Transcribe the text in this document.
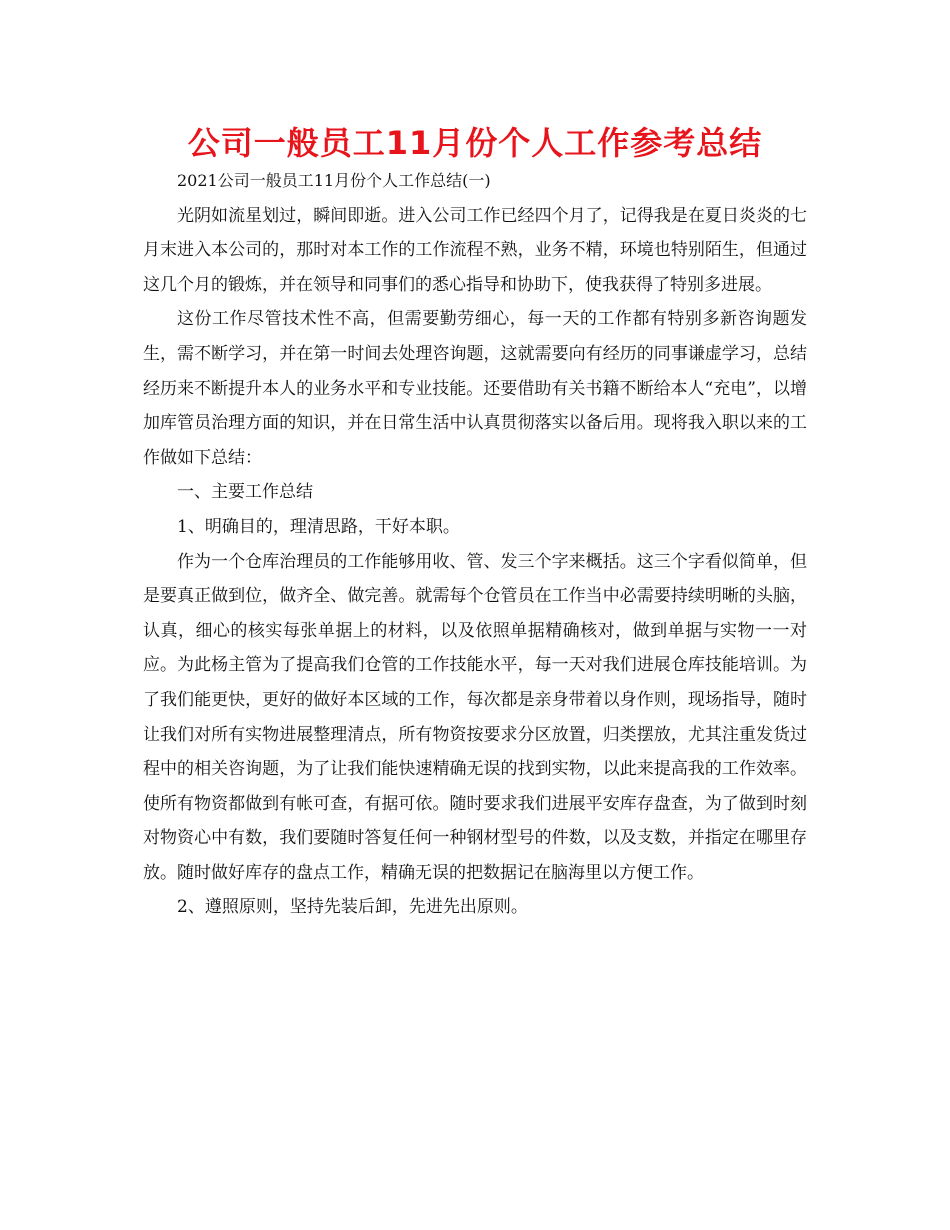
公司一般员工11月份个人工作参考总结

2021公司一般员工11月份个人工作总结(一)

光阴如流星划过，瞬间即逝。进入公司工作已经四个月了，记得我是在夏日炎炎的七月末进入本公司的，那时对本工作的工作流程不熟，业务不精，环境也特别陌生，但通过这几个月的锻炼，并在领导和同事们的悉心指导和协助下，使我获得了特别多进展。

这份工作尽管技术性不高，但需要勤劳细心，每一天的工作都有特别多新咨询题发生，需不断学习，并在第一时间去处理咨询题，这就需要向有经历的同事谦虚学习，总结经历来不断提升本人的业务水平和专业技能。还要借助有关书籍不断给本人“充电”，以增加库管员治理方面的知识，并在日常生活中认真贯彻落实以备后用。现将我入职以来的工作做如下总结：

一、主要工作总结

1、明确目的，理清思路，干好本职。

作为一个仓库治理员的工作能够用收、管、发三个字来概括。这三个字看似简单，但是要真正做到位，做齐全、做完善。就需每个仓管员在工作当中必需要持续明晰的头脑，认真，细心的核实每张单据上的材料，以及依照单据精确核对，做到单据与实物一一对应。为此杨主管为了提高我们仓管的工作技能水平，每一天对我们进展仓库技能培训。为了我们能更快，更好的做好本区域的工作，每次都是亲身带着以身作则，现场指导，随时让我们对所有实物进展整理清点，所有物资按要求分区放置，归类摆放，尤其注重发货过程中的相关咨询题，为了让我们能快速精确无误的找到实物，以此来提高我的工作效率。使所有物资都做到有帐可查，有据可依。随时要求我们进展平安库存盘查，为了做到时刻对物资心中有数，我们要随时答复任何一种钢材型号的件数，以及支数，并指定在哪里存放。随时做好库存的盘点工作，精确无误的把数据记在脑海里以方便工作。

2、遵照原则，坚持先装后卸，先进先出原则。
